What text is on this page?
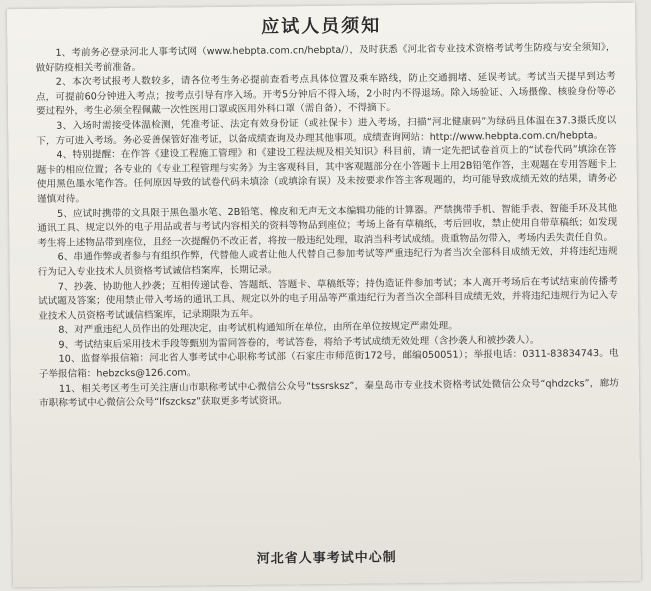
应试人员须知

1、考前务必登录河北人事考试网（www.hebpta.com.cn/hebpta/），及时获悉《河北省专业技术资格考试考生防疫与安全须知》，做好防疫相关考前准备。

2、本次考试报考人数较多，请各位考生务必提前查看考点具体位置及乘车路线，防止交通拥堵、延误考试。考试当天提早到达考点，可提前60分钟进入考点；按考点引导有序入场。开考5分钟后不得入场，2小时内不得退场。除入场验证、入场摄像、核验身份等必要过程外，考生必须全程佩戴一次性医用口罩或医用外科口罩（需自备），不得摘下。

3、入场时需接受体温检测，凭准考证、法定有效身份证（或社保卡）进入考场，扫描“河北健康码”为绿码且体温在37.3摄氏度以下，方可进入考场。务必妥善保管好准考证，以备成绩查询及办理其他事项。成绩查询网站：http://www.hebpta.com.cn/hebpta。

4、特别提醒：在作答《建设工程施工管理》和《建设工程法规及相关知识》科目前，请一定先把试卷首页上的“试卷代码”填涂在答题卡的相应位置；各专业的《专业工程管理与实务》为主客观科目，其中客观题部分在小答题卡上用2B铅笔作答，主观题在专用答题卡上使用黑色墨水笔作答。任何原因导致的试卷代码未填涂（或填涂有误）及未按要求作答主客观题的，均可能导致成绩无效的结果，请务必谨慎对待。

5、应试时携带的文具限于黑色墨水笔、2B铅笔、橡皮和无声无文本编辑功能的计算器。严禁携带手机、智能手表、智能手环及其他通讯工具、规定以外的电子用品或者与考试内容相关的资料等物品到座位；考场上备有草稿纸，考后回收，禁止使用自带草稿纸；如发现考生将上述物品带到座位，且经一次提醒仍不改正者，将按一般违纪处理，取消当科考试成绩。贵重物品勿带入，考场内丢失责任自负。

6、串通作弊或者参与有组织作弊，代替他人或者让他人代替自己参加考试等严重违纪行为者当次全部科目成绩无效，并将违纪违规行为记入专业技术人员资格考试诚信档案库，长期记录。

7、抄袭、协助他人抄袭；互相传递试卷、答题纸、答题卡、草稿纸等；持伪造证件参加考试；本人离开考场后在考试结束前传播考试试题及答案；使用禁止带入考场的通讯工具、规定以外的电子用品等严重违纪行为者当次全部科目成绩无效，并将违纪违规行为记入专业技术人员资格考试诚信档案库，记录期限为五年。

8、对严重违纪人员作出的处理决定，由考试机构通知所在单位，由所在单位按规定严肃处理。

9、考试结束后采用技术手段等甄别为雷同答卷的，考试答卷，将给予考试成绩无效处理（含抄袭人和被抄袭人）。

10、监督举报信箱：河北省人事考试中心职称考试部（石家庄市师范街172号，邮编050051）；举报电话：0311-83834743。电子举报信箱：hebzcks@126.com。

11、相关考区考生可关注唐山市职称考试中心微信公众号“tssrsksz”，秦皇岛市专业技术资格考试处微信公众号“qhdzcks”，廊坊市职称考试中心微信公众号“lfszcksz”获取更多考试资讯。

河北省人事考试中心制
